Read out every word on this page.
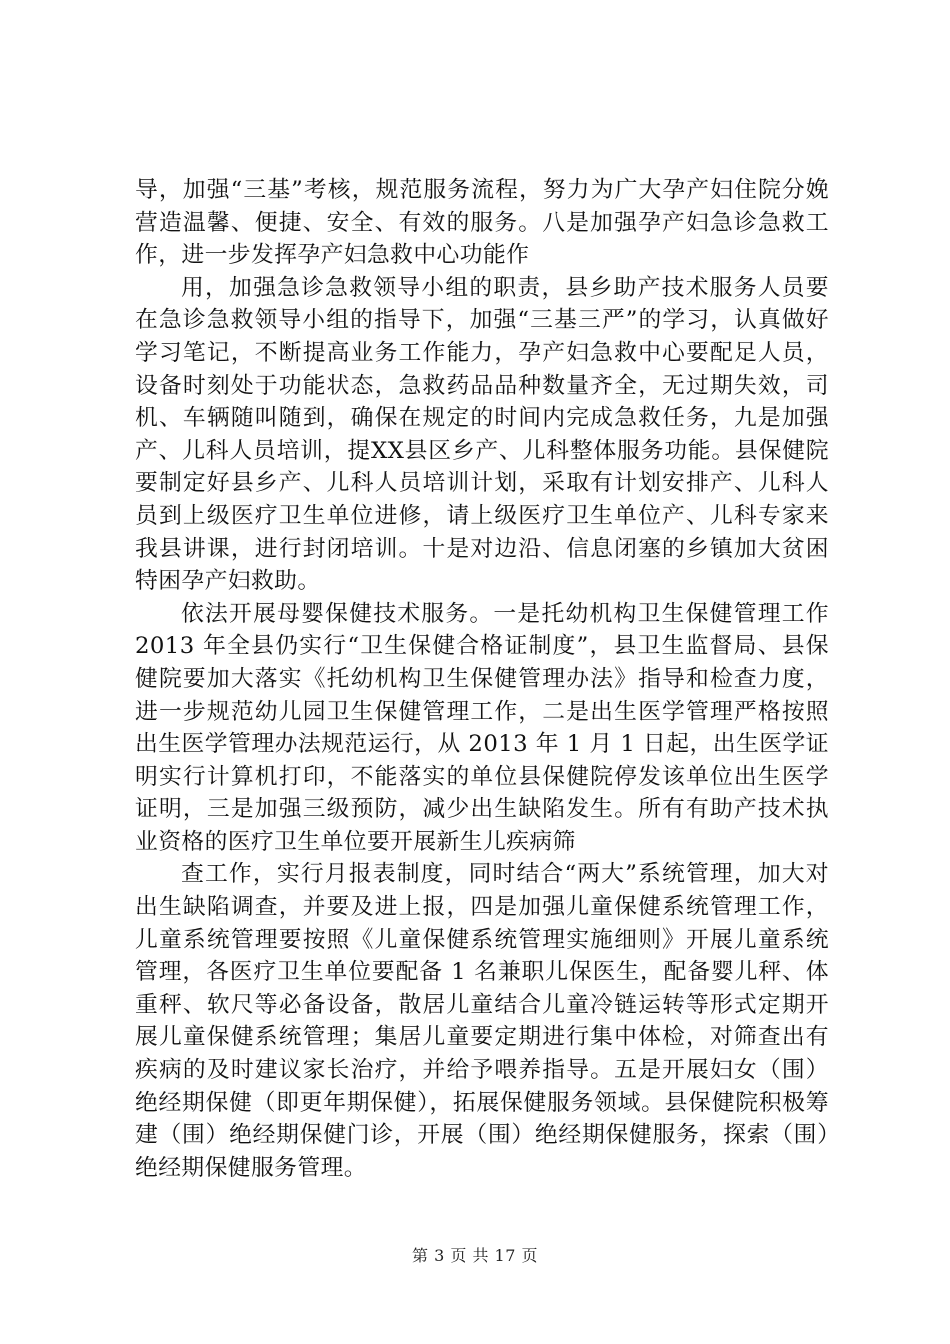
导，加强“三基”考核，规范服务流程，努力为广大孕产妇住院分娩营造温馨、便捷、安全、有效的服务。八是加强孕产妇急诊急救工作，进一步发挥孕产妇急救中心功能作

用，加强急诊急救领导小组的职责，县乡助产技术服务人员要在急诊急救领导小组的指导下，加强“三基三严”的学习，认真做好学习笔记，不断提高业务工作能力，孕产妇急救中心要配足人员，设备时刻处于功能状态，急救药品品种数量齐全，无过期失效，司机、车辆随叫随到，确保在规定的时间内完成急救任务，九是加强产、儿科人员培训，提XX县区乡产、儿科整体服务功能。县保健院要制定好县乡产、儿科人员培训计划，采取有计划安排产、儿科人员到上级医疗卫生单位进修，请上级医疗卫生单位产、儿科专家来我县讲课，进行封闭培训。十是对边沿、信息闭塞的乡镇加大贫困特困孕产妇救助。

依法开展母婴保健技术服务。一是托幼机构卫生保健管理工作 2013 年全县仍实行“卫生保健合格证制度”，县卫生监督局、县保健院要加大落实《托幼机构卫生保健管理办法》指导和检查力度，进一步规范幼儿园卫生保健管理工作，二是出生医学管理严格按照出生医学管理办法规范运行，从 2013 年 1 月 1 日起，出生医学证明实行计算机打印，不能落实的单位县保健院停发该单位出生医学证明，三是加强三级预防，减少出生缺陷发生。所有有助产技术执业资格的医疗卫生单位要开展新生儿疾病筛

查工作，实行月报表制度，同时结合“两大”系统管理，加大对出生缺陷调查，并要及进上报，四是加强儿童保健系统管理工作，儿童系统管理要按照《儿童保健系统管理实施细则》开展儿童系统管理，各医疗卫生单位要配备 1 名兼职儿保医生，配备婴儿秤、体重秤、软尺等必备设备，散居儿童结合儿童冷链运转等形式定期开展儿童保健系统管理；集居儿童要定期进行集中体检，对筛查出有疾病的及时建议家长治疗，并给予喂养指导。五是开展妇女（围）绝经期保健（即更年期保健），拓展保健服务领域。县保健院积极筹建（围）绝经期保健门诊，开展（围）绝经期保健服务，探索（围）绝经期保健服务管理。

第 3 页 共 17 页
